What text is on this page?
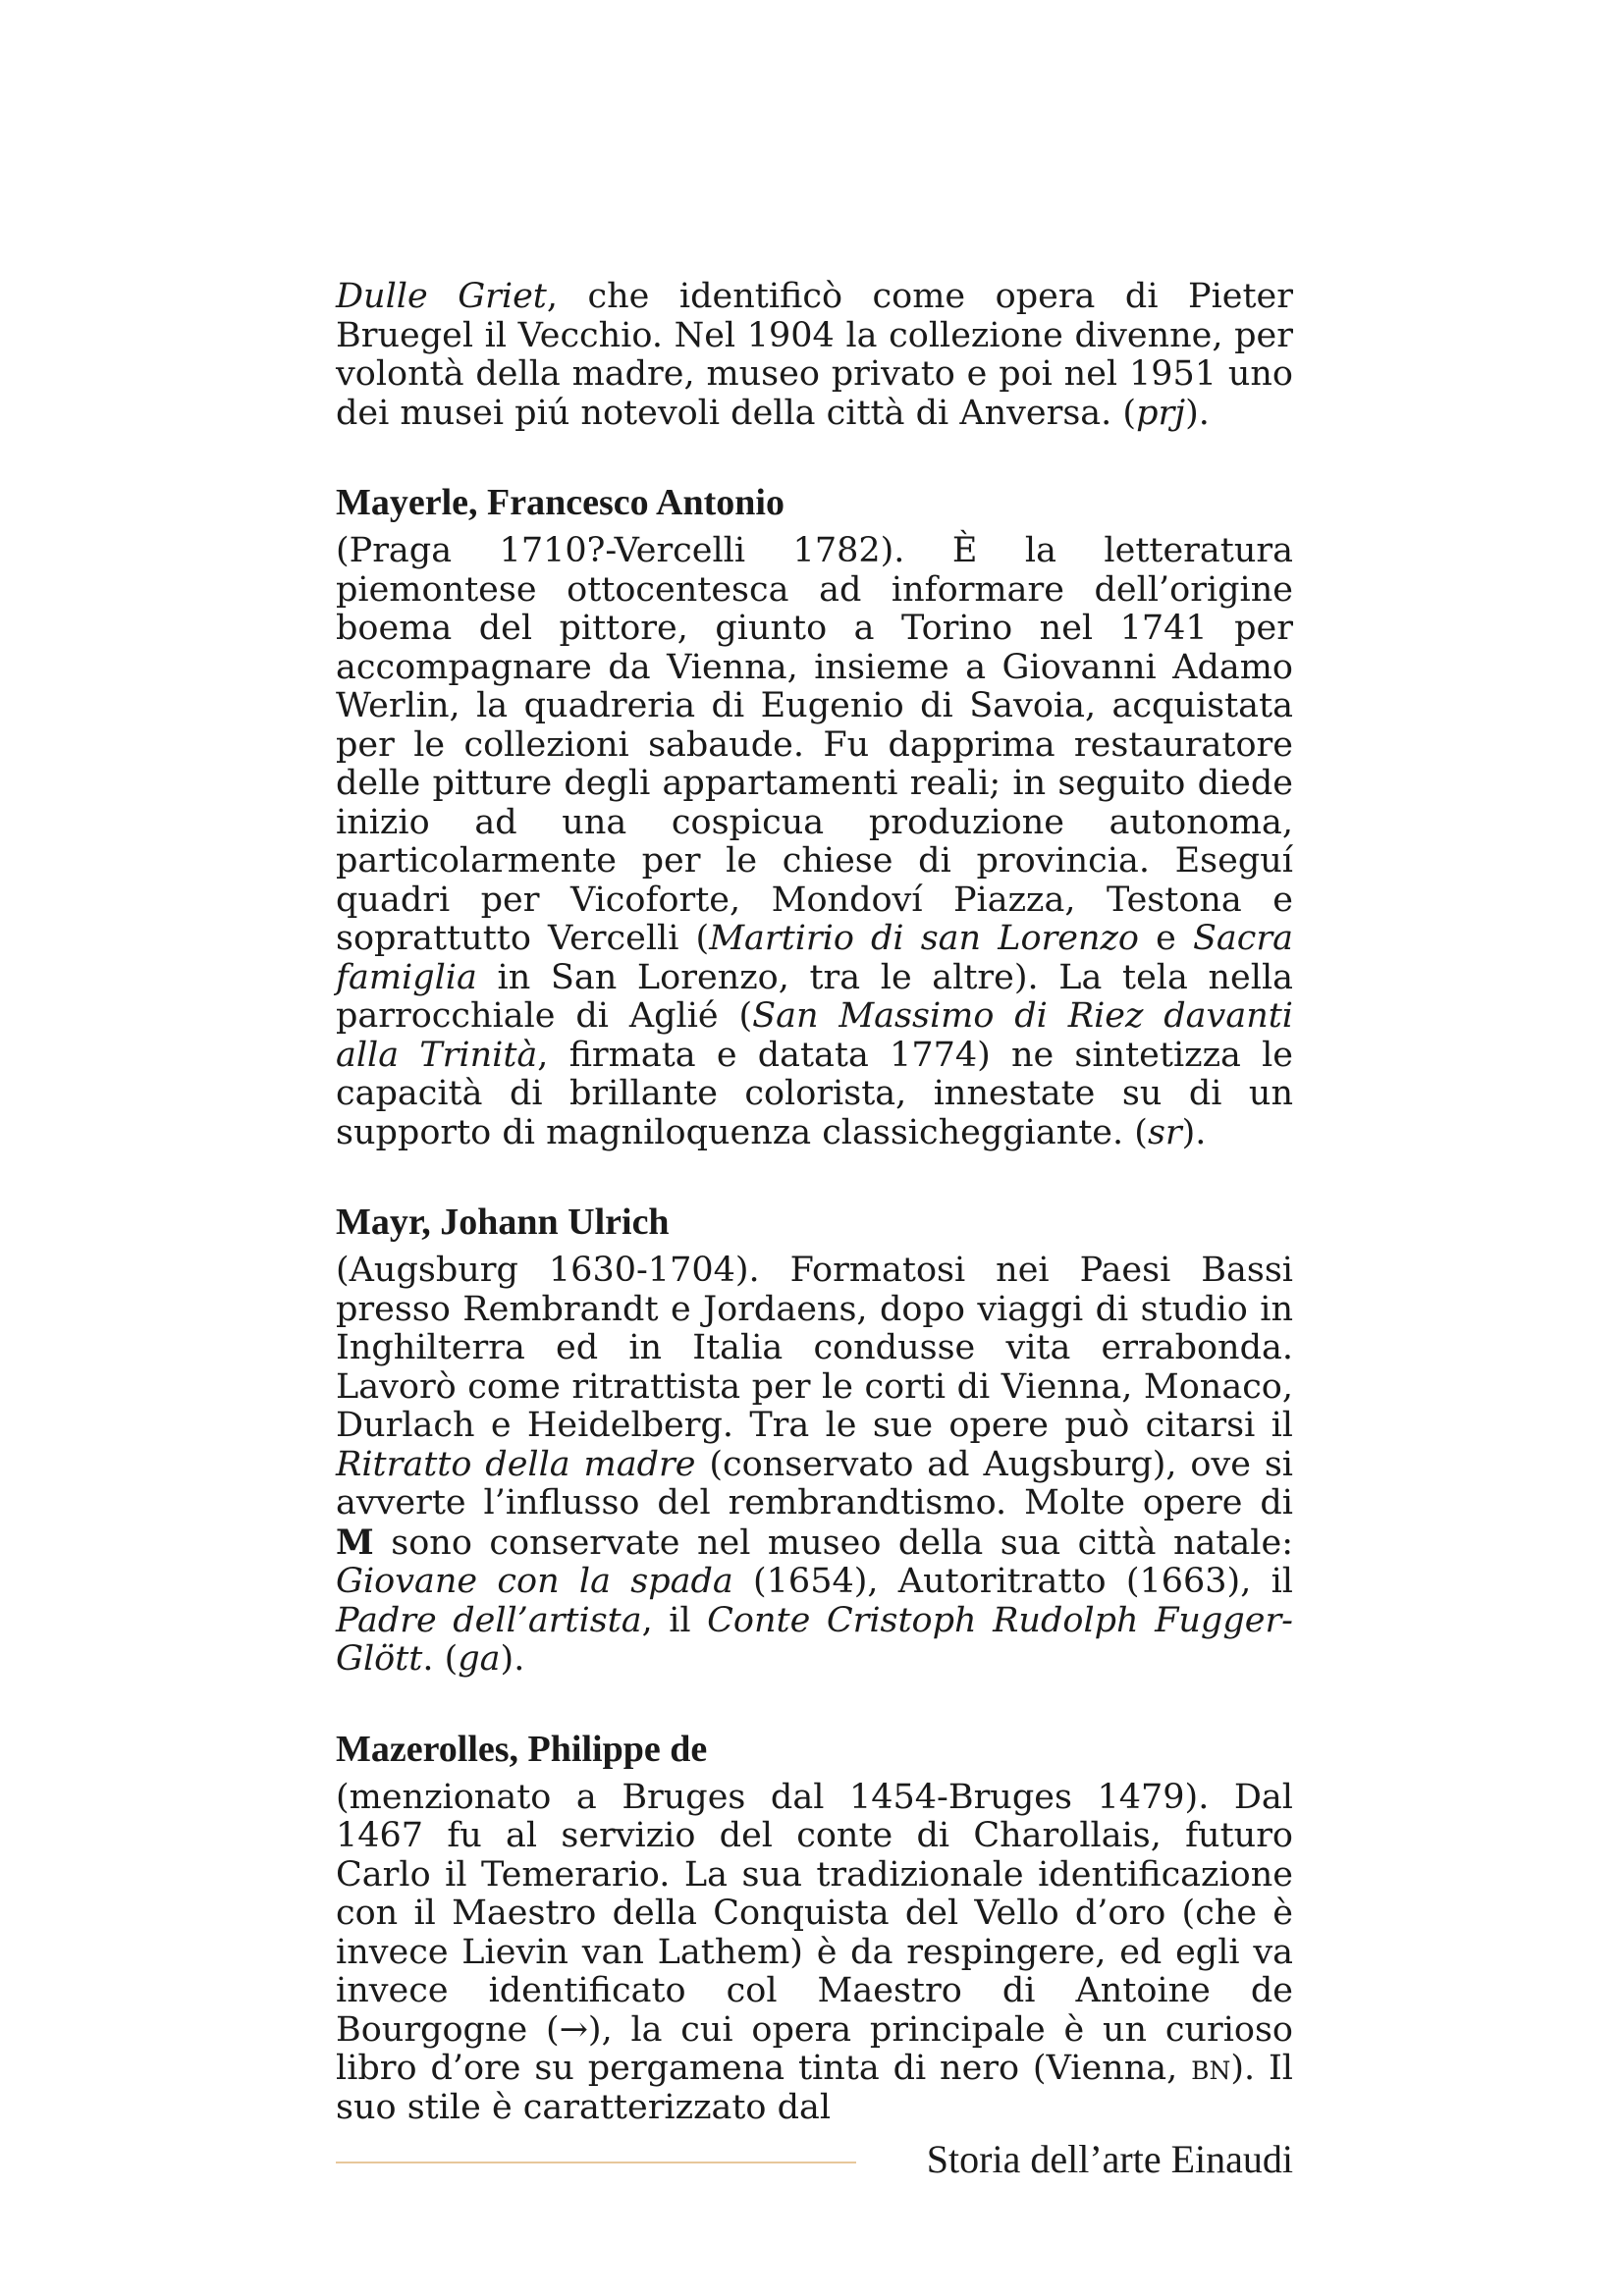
Dulle Griet, che identificò come opera di Pieter Bruegel il Vecchio. Nel 1904 la collezione divenne, per volontà della madre, museo privato e poi nel 1951 uno dei musei piú notevoli della città di Anversa. (prj).

Mayerle, Francesco Antonio

(Praga 1710?-Vercelli 1782). È la letteratura piemontese ottocentesca ad informare dell’origine boema del pittore, giunto a Torino nel 1741 per accompagnare da Vienna, insieme a Giovanni Adamo Werlin, la quadreria di Eugenio di Savoia, acquistata per le collezioni sabaude. Fu dapprima restauratore delle pitture degli appartamenti reali; in seguito diede inizio ad una cospicua produzione autonoma, particolarmente per le chiese di provincia. Eseguí quadri per Vicoforte, Mondoví Piazza, Testona e soprattutto Vercelli (Martirio di san Lorenzo e Sacra famiglia in San Lorenzo, tra le altre). La tela nella parrocchiale di Aglié (San Massimo di Riez davanti alla Trinità, firmata e datata 1774) ne sintetizza le capacità di brillante colorista, innestate su di un supporto di magniloquenza classicheggiante. (sr).

Mayr, Johann Ulrich

(Augsburg 1630-1704). Formatosi nei Paesi Bassi presso Rembrandt e Jordaens, dopo viaggi di studio in Inghilterra ed in Italia condusse vita errabonda. Lavorò come ritrattista per le corti di Vienna, Monaco, Durlach e Heidelberg. Tra le sue opere può citarsi il Ritratto della madre (conservato ad Augsburg), ove si avverte l’influsso del rembrandtismo. Molte opere di M sono conservate nel museo della sua città natale: Giovane con la spada (1654), Autoritratto (1663), il Padre dell’artista, il Conte Cristoph Rudolph Fugger-Glött. (ga).

Mazerolles, Philippe de

(menzionato a Bruges dal 1454-Bruges 1479). Dal 1467 fu al servizio del conte di Charollais, futuro Carlo il Temerario. La sua tradizionale identificazione con il Maestro della Conquista del Vello d’oro (che è invece Lievin van Lathem) è da respingere, ed egli va invece identificato col Maestro di Antoine de Bourgogne (→), la cui opera principale è un curioso libro d’ore su pergamena tinta di nero (Vienna, bn). Il suo stile è caratterizzato dal

Storia dell’arte Einaudi
